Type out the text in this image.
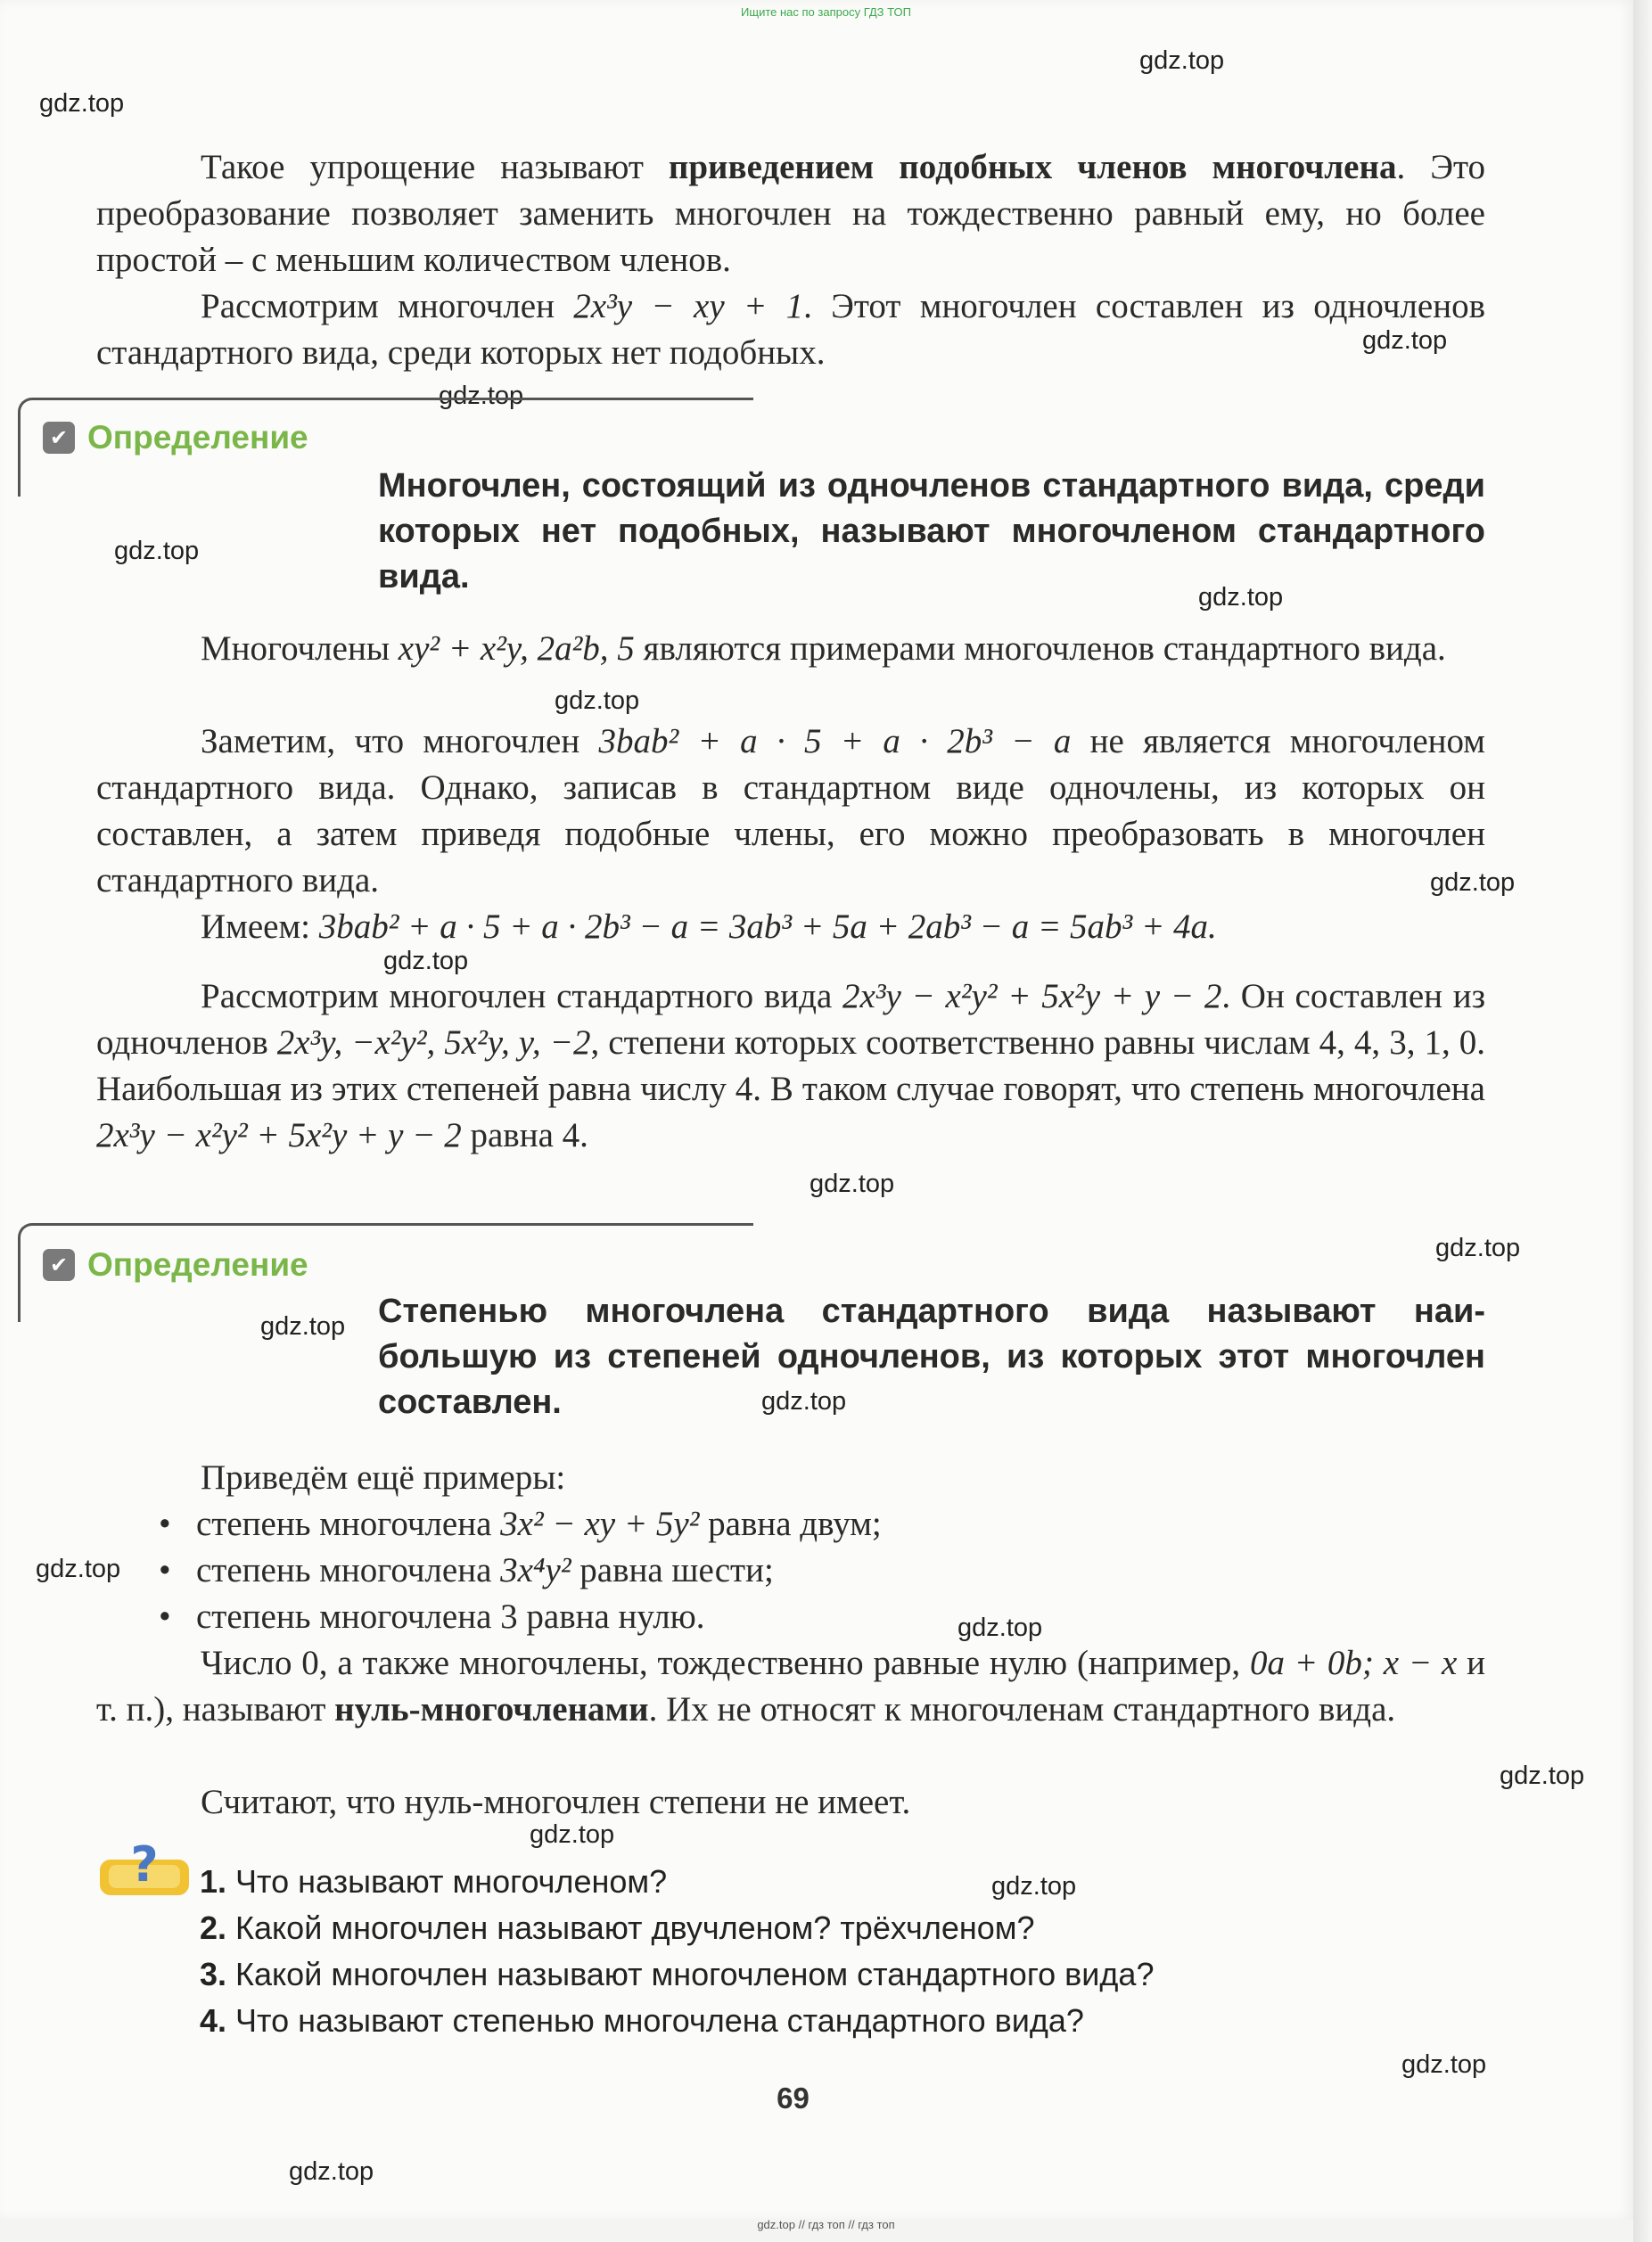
Ищите нас по запросу ГДЗ ТОП
gdz.top
gdz.top
gdz.top
gdz.top
gdz.top
gdz.top
gdz.top
gdz.top
gdz.top
gdz.top
gdz.top
gdz.top
gdz.top
gdz.top
gdz.top
gdz.top
gdz.top
gdz.top
gdz.top
gdz.top
Такое упрощение называют приведением подобных членов многочлена. Это преобразование позволяет заменить многочлен на тождественно равный ему, но более простой – с меньшим количеством членов.
Рассмотрим многочлен 2x³y − xy + 1. Этот многочлен составлен из одночленов стандартного вида, среди которых нет подобных.
✔ Определение
Многочлен, состоящий из одночленов стандартного вида, среди которых нет подобных, называют многочленом стандартного вида.
Многочлены xy² + x²y, 2a²b, 5 являются примерами многочленов стандартного вида.
Заметим, что многочлен 3bab² + a · 5 + a · 2b³ − a не является многочленом стандартного вида. Однако, записав в стандартном виде одночлены, из которых он составлен, а затем приведя подобные члены, его можно преобразовать в многочлен стандартного вида.
Имеем: 3bab² + a · 5 + a · 2b³ − a = 3ab³ + 5a + 2ab³ − a = 5ab³ + 4a.
Рассмотрим многочлен стандартного вида 2x³y − x²y² + 5x²y + y − 2. Он составлен из одночленов 2x³y, −x²y², 5x²y, y, −2, степени которых соответственно равны числам 4, 4, 3, 1, 0. Наибольшая из этих степеней равна числу 4. В таком случае говорят, что степень многочлена 2x³y − x²y² + 5x²y + y − 2 равна 4.
✔ Определение
Степенью многочлена стандартного вида называют наибольшую из степеней одночленов, из которых этот многочлен составлен.
Приведём ещё примеры:
• степень многочлена 3x² − xy + 5y² равна двум;
• степень многочлена 3x⁴y² равна шести;
• степень многочлена 3 равна нулю.
Число 0, а также многочлены, тождественно равные нулю (например, 0a + 0b; x − x и т. п.), называют нуль-многочленами. Их не относят к многочленам стандартного вида.
Считают, что нуль-многочлен степени не имеет.
? 1. Что называют многочленом?
2. Какой многочлен называют двучленом? трёхчленом?
3. Какой многочлен называют многочленом стандартного вида?
4. Что называют степенью многочлена стандартного вида?
69
gdz.top // гдз топ // гдз топ
